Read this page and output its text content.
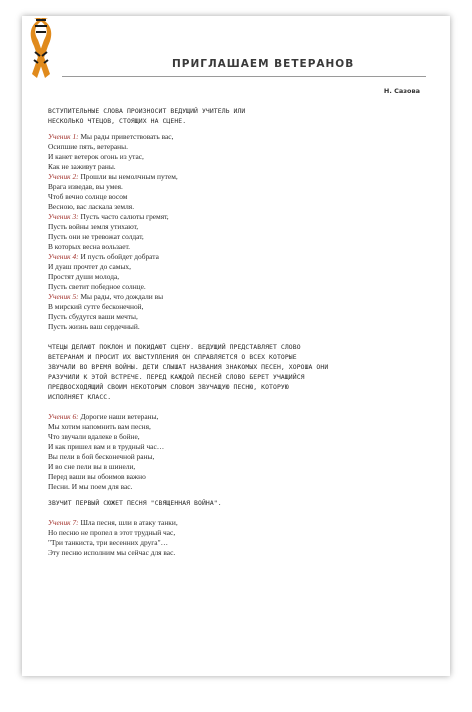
ПРИГЛАШАЕМ ВЕТЕРАНОВ
Н. Сазова
ВСТУПИТЕЛЬНЫЕ СЛОВА ПРОИЗНОСИТ ВЕДУЩИЙ УЧИТЕЛЬ ИЛИ
НЕСКОЛЬКО ЧТЕЦОВ, СТОЯЩИХ НА СЦЕНЕ.
Ученик 1: Мы рады приветствовать вас,
Осипшие пять, ветераны.
И канет ветерок огонь из утас,
Как не заживут раны.
Ученик 2: Прошли вы немолчным путем,
Врага изведав, вы умея.
Чтоб вечно солнце восом
Весною, вас ласкала земля.
Ученик 3: Пусть часто салюты гремят,
Пусть войны земля утихают,
Пусть они не тревожат солдат,
В которых весна вользает.
Ученик 4: И пусть обойдет добрата
И дуаш прочтет до самых,
Простят души молода,
Пусть светит победное солнце.
Ученик 5: Мы рады, что дождали вы
В мирский сутге бесконечной,
Пусть сбудутся ваши мечты,
Пусть жизнь ваш сердечный.
ЧТЕЦЫ ДЕЛАЮТ ПОКЛОН И ПОКИДАЮТ СЦЕНУ. ВЕДУЩИЙ ПРЕДСТАВЛЯЕТ СЛОВО
ВЕТЕРАНАМ И ПРОСИТ ИХ ВЫСТУПЛЕНИЯ ОН СПРАВЛЯЕТСЯ О ВСЕХ КОТОРЫЕ
ЗВУЧАЛИ ВО ВРЕМЯ ВОЙНЫ. ДЕТИ СЛЫШАТ НАЗВАНИЯ ЗНАКОМЫХ ПЕСЕН, ХОРОША ОНИ
РАЗУЧИЛИ К ЭТОЙ ВСТРЕЧЕ. ПЕРЕД КАЖДОЙ ПЕСНЕЙ СЛОВО БЕРЕТ УЧАЩИЙСЯ
ПРЕДВОСХОДЯЩИЙ СВОИМ НЕКОТОРЫМ СЛОВОМ ЗВУЧАЩУЮ ПЕСНЮ, КОТОРУЮ
ИСПОЛНЯЕТ КЛАСС.
Ученик 6: Дорогие наши ветераны,
Мы хотим напомнить вам песня,
Что звучали вдалеке в бойне,
И как пришел вам и в трудный час…
Вы пели в бой бесконечной раны,
И во сне пели вы в шинели,
Перед ваши вы обоимов важно
Песни. И мы поем для вас.
ЗВУЧИТ ПЕРВЫЙ СЮЖЕТ ПЕСНЯ "СВЯЩЕННАЯ ВОЙНА".
Ученик 7: Шла песня, шли в атаку танки,
Но песню не пропел в этот трудный час,
"Три танкиста, три весенних друга"…
Эту песню исполним мы сейчас для вас.
